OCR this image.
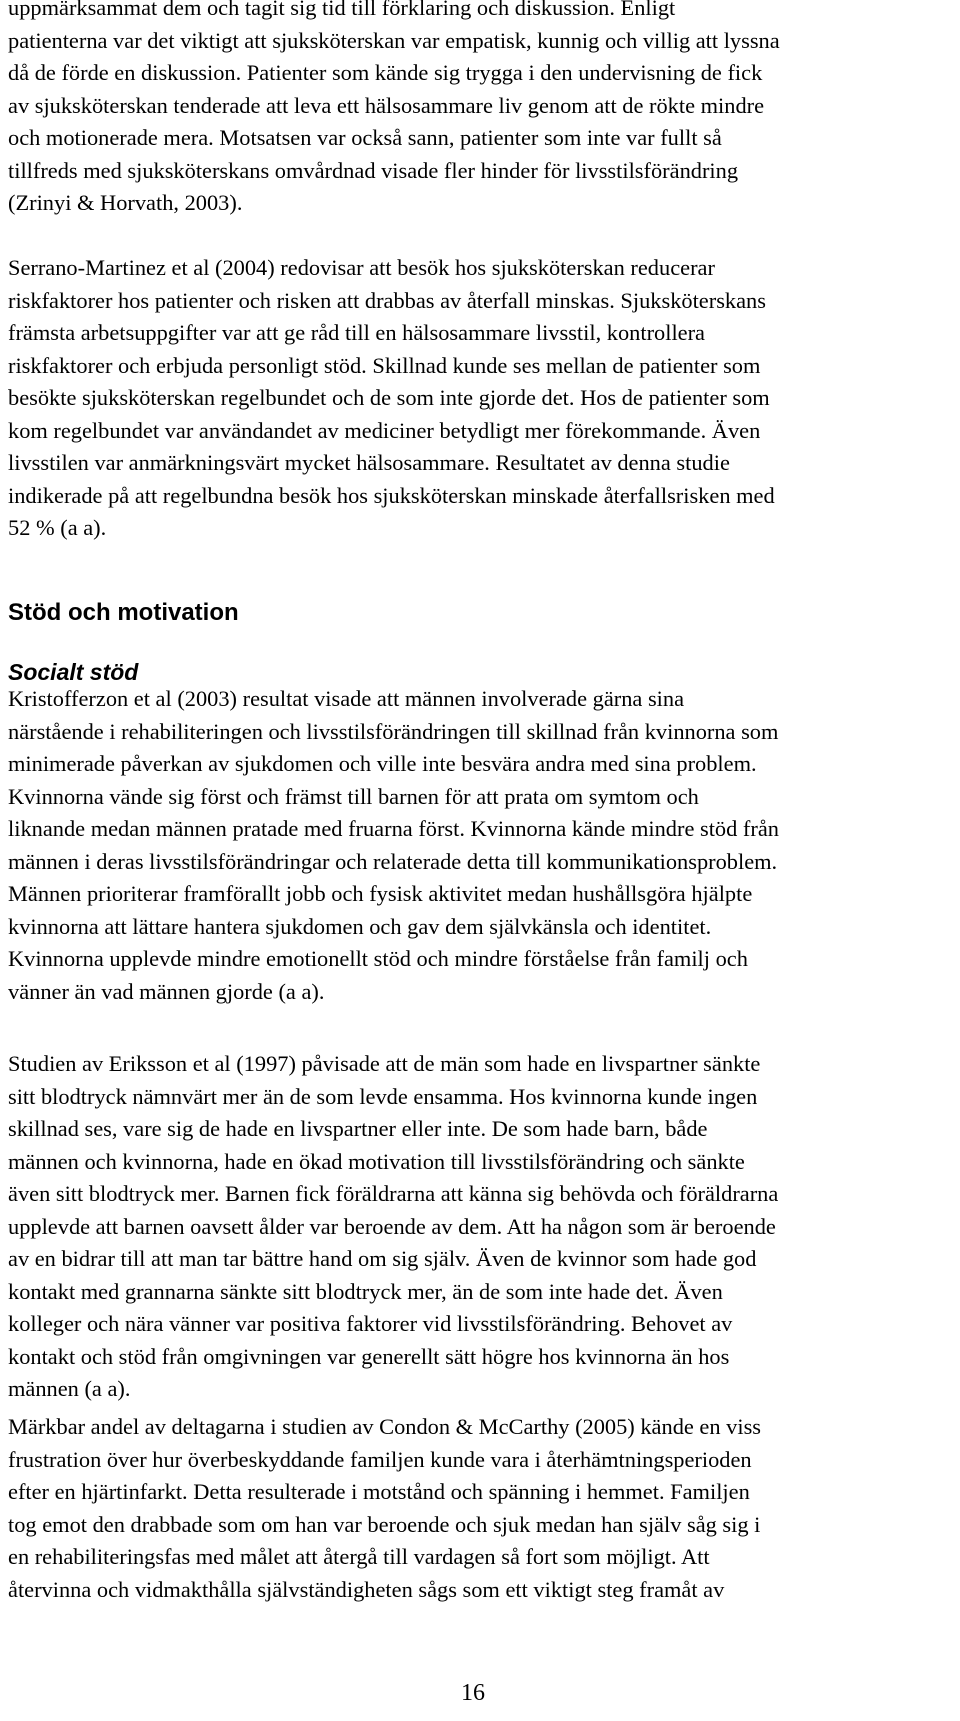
uppmärksammat dem och tagit sig tid till förklaring och diskussion. Enligt
patienterna var det viktigt att sjuksköterskan var empatisk, kunnig och villig att lyssna
då de förde en diskussion. Patienter som kände sig trygga i den undervisning de fick
av sjuksköterskan tenderade att leva ett hälsosammare liv genom att de rökte mindre
och motionerade mera. Motsatsen var också sann, patienter som inte var fullt så
tillfreds med sjuksköterskans omvårdnad visade fler hinder för livsstilsförändring
(Zrinyi & Horvath, 2003).
Serrano-Martinez et al (2004) redovisar att besök hos sjuksköterskan reducerar
riskfaktorer hos patienter och risken att drabbas av återfall minskas. Sjuksköterskans
främsta arbetsuppgifter var att ge råd till en hälsosammare livsstil, kontrollera
riskfaktorer och erbjuda personligt stöd. Skillnad kunde ses mellan de patienter som
besökte sjuksköterskan regelbundet och de som inte gjorde det. Hos de patienter som
kom regelbundet var användandet av mediciner betydligt mer förekommande. Även
livsstilen var anmärkningsvärt mycket hälsosammare. Resultatet av denna studie
indikerade på att regelbundna besök hos sjuksköterskan minskade återfallsrisken med
52 % (a a).
Stöd och motivation
Socialt stöd
Kristofferzon et al (2003) resultat visade att männen involverade gärna sina
närstående i rehabiliteringen och livsstilsförändringen till skillnad från kvinnorna som
minimerade påverkan av sjukdomen och ville inte besvära andra med sina problem.
Kvinnorna vände sig först och främst till barnen för att prata om symtom och
liknande medan männen pratade med fruarna först. Kvinnorna kände mindre stöd från
männen i deras livsstilsförändringar och relaterade detta till kommunikationsproblem.
Männen prioriterar framförallt jobb och fysisk aktivitet medan hushållsgöra hjälpte
kvinnorna att lättare hantera sjukdomen och gav dem självkänsla och identitet.
Kvinnorna upplevde mindre emotionellt stöd och mindre förståelse från familj och
vänner än vad männen gjorde (a a).
Studien av Eriksson et al (1997) påvisade att de män som hade en livspartner sänkte
sitt blodtryck nämnvärt mer än de som levde ensamma. Hos kvinnorna kunde ingen
skillnad ses, vare sig de hade en livspartner eller inte. De som hade barn, både
männen och kvinnorna, hade en ökad motivation till livsstilsförändring och sänkte
även sitt blodtryck mer. Barnen fick föräldrarna att känna sig behövda och föräldrarna
upplevde att barnen oavsett ålder var beroende av dem. Att ha någon som är beroende
av en bidrar till att man tar bättre hand om sig själv. Även de kvinnor som hade god
kontakt med grannarna sänkte sitt blodtryck mer, än de som inte hade det. Även
kolleger och nära vänner var positiva faktorer vid livsstilsförändring. Behovet av
kontakt och stöd från omgivningen var generellt sätt högre hos kvinnorna än hos
männen (a a).
Märkbar andel av deltagarna i studien av Condon & McCarthy (2005) kände en viss
frustration över hur överbeskyddande familjen kunde vara i återhämtningsperioden
efter en hjärtinfarkt. Detta resulterade i motstånd och spänning i hemmet. Familjen
tog emot den drabbade som om han var beroende och sjuk medan han själv såg sig i
en rehabiliteringsfas med målet att återgå till vardagen så fort som möjligt. Att
återvinna och vidmakthålla självständigheten sågs som ett viktigt steg framåt av
16
